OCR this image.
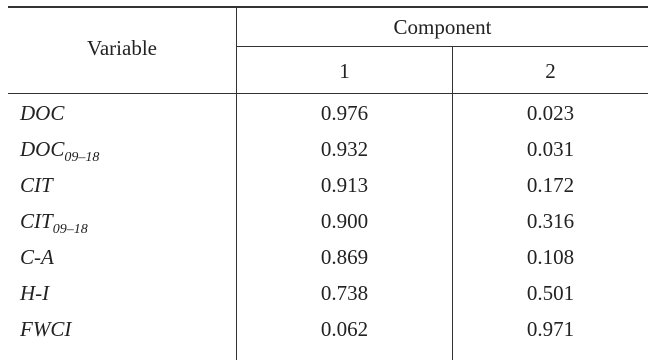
Variable
Component
1	2
DOC	0.976	0.023
$DOC_{09-18}$	0.932	0.031
CIT	0.913	0.172
$CIT_{09-18}$	0.900	0.316
C-A	0.869	0.108
H-I	0.738	0.501
FWCI	0.062	0.971
